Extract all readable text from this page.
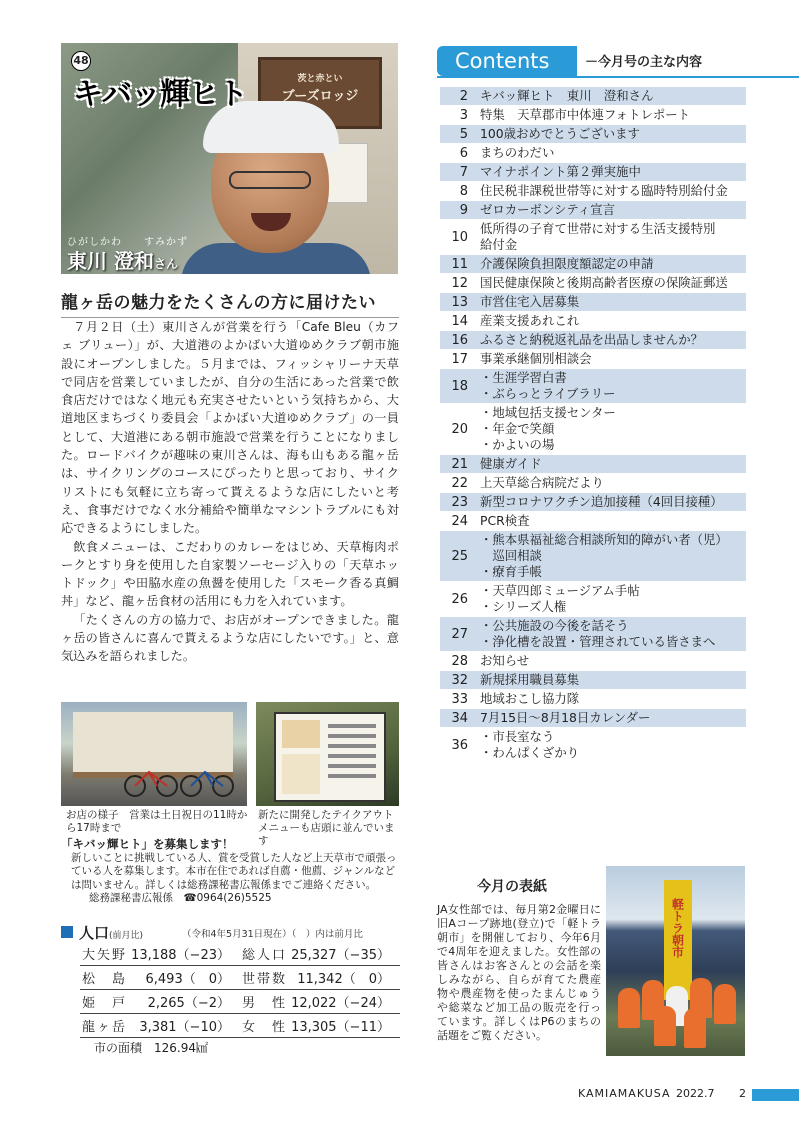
茨と赤とい
ブーズロッジ
48
キバッ輝ヒト
ひがしかわ すみかず
東川 澄和さん
龍ヶ岳の魅力をたくさんの方に届けたい

７月２日（土）東川さんが営業を行う「Cafe Bleu（カフェ ブリュー）」が、大道港のよかばい大道ゆめクラブ朝市施設にオープンしました。５月までは、フィッシャリーナ天草で同店を営業していましたが、自分の生活にあった営業で飲食店だけではなく地元も充実させたいという気持ちから、大道地区まちづくり委員会「よかばい大道ゆめクラブ」の一員として、大道港にある朝市施設で営業を行うことになりました。ロードバイクが趣味の東川さんは、海も山もある龍ヶ岳は、サイクリングのコースにぴったりと思っており、サイクリストにも気軽に立ち寄って貰えるような店にしたいと考え、食事だけでなく水分補給や簡単なマシントラブルにも対応できるようにしました。

飲食メニューは、こだわりのカレーをはじめ、天草梅肉ポークとすり身を使用した自家製ソーセージ入りの「天草ホットドック」や田脇水産の魚醤を使用した「スモーク香る真鯛丼」など、龍ヶ岳食材の活用にも力を入れています。

「たくさんの方の協力で、お店がオープンできました。龍ヶ岳の皆さんに喜んで貰えるような店にしたいです。」と、意気込みを語られました。

お店の様子　営業は土日祝日の11時から17時まで
新たに開発したテイクアウトメニューも店頭に並んでいます
「キバッ輝ヒト」を募集します！
新しいことに挑戦している人、賞を受賞した人など上天草市で頑張っている人を募集します。本市在住であれば自薦・他薦、ジャンルなどは問いません。詳しくは総務課秘書広報係までご連絡ください。
総務課秘書広報係　☎0964(26)5525
人口(前月比)	（令和4年5月31日現在）（　）内は前月比
大矢野	13,188（−23）	総人口	25,327（−35）
松　島	6,493（　0）	世帯数	11,342（　0）
姫　戸	2,265（−2）	男　性	12,022（−24）
龍ヶ岳	3,381（−10）	女　性	13,305（−11）
市の面積　126.94㎢
Contents	－今月号の主な内容
2 キバッ輝ヒト　東川　澄和さん
3 特集　天草郡市中体連フォトレポート
5 100歳おめでとうございます
6 まちのわだい
7 マイナポイント第２弾実施中
8 住民税非課税世帯等に対する臨時特別給付金
9 ゼロカーボンシティ宣言
10
低所得の子育て世帯に対する生活支援特別
給付金
11 介護保険負担限度額認定の申請
12 国民健康保険と後期高齢者医療の保険証郵送
13 市営住宅入居募集
14 産業支援あれこれ
16 ふるさと納税返礼品を出品しませんか？
17 事業承継個別相談会
18
・生涯学習白書
・ぶらっとライブラリー
20
・地域包括支援センター
・年金で笑顔
・かよいの場
21 健康ガイド
22 上天草総合病院だより
23 新型コロナワクチン追加接種（4回目接種）
24 PCR検査
25
・熊本県福祉総合相談所知的障がい者（児）
　巡回相談
・療育手帳
26
・天草四郎ミュージアム手帖
・シリーズ人権
27
・公共施設の今後を話そう
・浄化槽を設置・管理されている皆さまへ
28 お知らせ
32 新規採用職員募集
33 地域おこし協力隊
34 7月15日～8月18日カレンダー
36
・市長室なう
・わんぱくざかり
今月の表紙
JA女性部では、毎月第2金曜日に旧Aコープ跡地(登立)で「軽トラ朝市」を開催しており、今年6月で4周年を迎えました。女性部の皆さんはお客さんとの会話を楽しみながら、自らが育てた農産物や農産物を使ったまんじゅうや総菜など加工品の販売を行っています。詳しくはP6のまちの話題をご覧ください。
軽トラ朝市
KAMIAMAKUSA 2022.7 2
